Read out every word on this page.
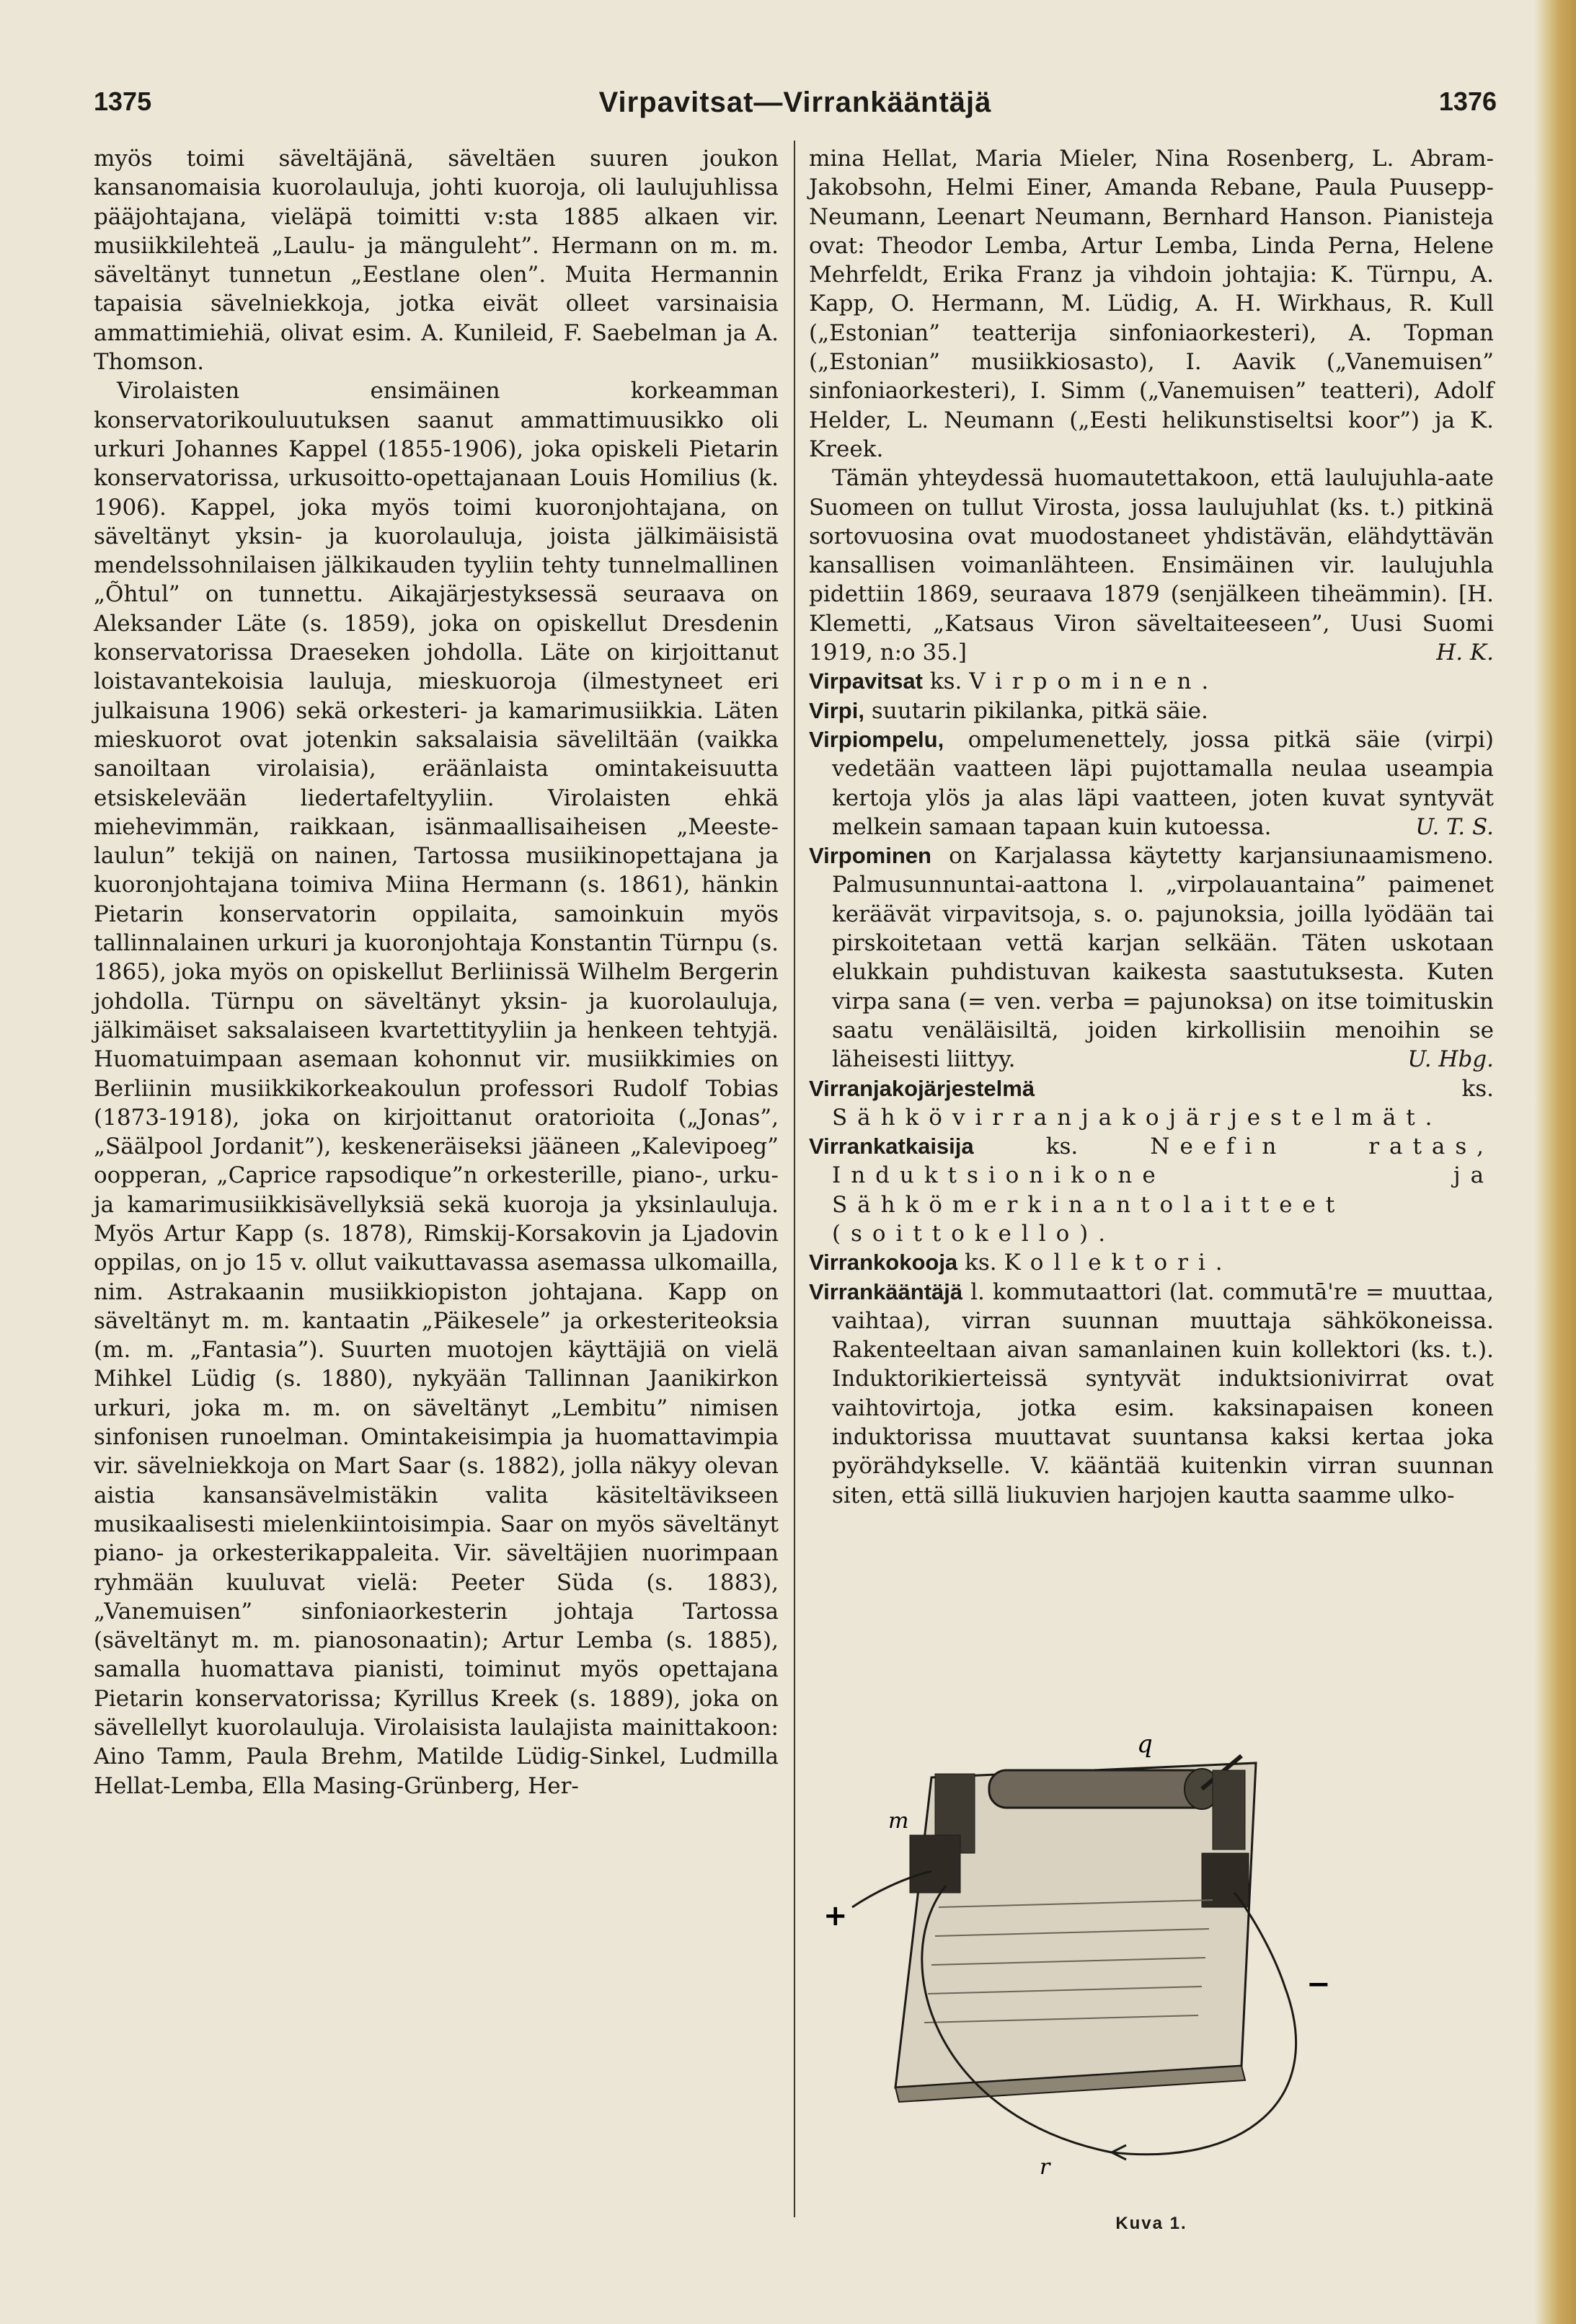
1375	Virpavitsat—Virrankääntäjä	1376

myös toimi säveltäjänä, säveltäen suuren joukon kansanomaisia kuorolauluja, johti kuoroja, oli laulujuhlissa pääjohtajana, vieläpä toimitti v:sta 1885 alkaen vir. musiikkilehteä „Laulu- ja mänguleht”. Hermann on m. m. säveltänyt tunnetun „Eestlane olen”. Muita Hermannin tapaisia sävelniekkoja, jotka eivät olleet varsinaisia ammattimiehiä, olivat esim. A. Kunileid, F. Saebelman ja A. Thomson.

Virolaisten ensimäinen korkeamman konservatorikouluutuksen saanut ammattimuusikko oli urkuri Johannes Kappel (1855-1906), joka opiskeli Pietarin konservatorissa, urkusoitto-opettajanaan Louis Homilius (k. 1906). Kappel, joka myös toimi kuoronjohtajana, on säveltänyt yksin- ja kuorolauluja, joista jälkimäisistä mendelssohnilaisen jälkikauden tyyliin tehty tunnelmallinen „Õhtul” on tunnettu. Aikajärjestyksessä seuraava on Aleksander Läte (s. 1859), joka on opiskellut Dresdenin konservatorissa Draeseken johdolla. Läte on kirjoittanut loistavantekoisia lauluja, mieskuoroja (ilmestyneet eri julkaisuna 1906) sekä orkesteri- ja kamarimusiikkia. Läten mieskuorot ovat jotenkin saksalaisia säveliltään (vaikka sanoiltaan virolaisia), eräänlaista omintakeisuutta etsiskelevään liedertafeltyyliin. Virolaisten ehkä miehevimmän, raikkaan, isänmaallisaiheisen „Meeste-laulun” tekijä on nainen, Tartossa musiikinopettajana ja kuoronjohtajana toimiva Miina Hermann (s. 1861), hänkin Pietarin konservatorin oppilaita, samoinkuin myös tallinnalainen urkuri ja kuoronjohtaja Konstantin Türnpu (s. 1865), joka myös on opiskellut Berliinissä Wilhelm Bergerin johdolla. Türnpu on säveltänyt yksin- ja kuorolauluja, jälkimäiset saksalaiseen kvartettityyliin ja henkeen tehtyjä. Huomatuimpaan asemaan kohonnut vir. musiikkimies on Berliinin musiikkikorkeakoulun professori Rudolf Tobias (1873-1918), joka on kirjoittanut oratorioita („Jonas”, „Säälpool Jordanit”), keskeneräiseksi jääneen „Kalevipoeg” oopperan, „Caprice rapsodique”n orkesterille, piano-, urku- ja kamarimusiikkisävellyksiä sekä kuoroja ja yksinlauluja. Myös Artur Kapp (s. 1878), Rimskij-Korsakovin ja Ljadovin oppilas, on jo 15 v. ollut vaikuttavassa asemassa ulkomailla, nim. Astrakaanin musiikkiopiston johtajana. Kapp on säveltänyt m. m. kantaatin „Päikesele” ja orkesteriteoksia (m. m. „Fantasia”). Suurten muotojen käyttäjiä on vielä Mihkel Lüdig (s. 1880), nykyään Tallinnan Jaanikirkon urkuri, joka m. m. on säveltänyt „Lembitu” nimisen sinfonisen runoelman. Omintakeisimpia ja huomattavimpia vir. sävelniekkoja on Mart Saar (s. 1882), jolla näkyy olevan aistia kansansävelmistäkin valita käsiteltävikseen musikaalisesti mielenkiintoisimpia. Saar on myös säveltänyt piano- ja orkesterikappaleita. Vir. säveltäjien nuorimpaan ryhmään kuuluvat vielä: Peeter Süda (s. 1883), „Vanemuisen” sinfoniaorkesterin johtaja Tartossa (säveltänyt m. m. pianosonaatin); Artur Lemba (s. 1885), samalla huomattava pianisti, toiminut myös opettajana Pietarin konservatorissa; Kyrillus Kreek (s. 1889), joka on sävellellyt kuorolauluja. Virolaisista laulajista mainittakoon: Aino Tamm, Paula Brehm, Matilde Lüdig-Sinkel, Ludmilla Hellat-Lemba, Ella Masing-Grünberg, Her-

mina Hellat, Maria Mieler, Nina Rosenberg, L. Abram-Jakobsohn, Helmi Einer, Amanda Rebane, Paula Puusepp-Neumann, Leenart Neumann, Bernhard Hanson. Pianisteja ovat: Theodor Lemba, Artur Lemba, Linda Perna, Helene Mehrfeldt, Erika Franz ja vihdoin johtajia: K. Türnpu, A. Kapp, O. Hermann, M. Lüdig, A. H. Wirkhaus, R. Kull („Estonian” teatterija sinfoniaorkesteri), A. Topman („Estonian” musiikkiosasto), I. Aavik („Vanemuisen” sinfoniaorkesteri), I. Simm („Vanemuisen” teatteri), Adolf Helder, L. Neumann („Eesti helikunstiseltsi koor”) ja K. Kreek.

Tämän yhteydessä huomautettakoon, että laulujuhla-aate Suomeen on tullut Virosta, jossa laulujuhlat (ks. t.) pitkinä sortovuosina ovat muodostaneet yhdistävän, elähdyttävän kansallisen voimanlähteen. Ensimäinen vir. laulujuhla pidettiin 1869, seuraava 1879 (senjälkeen tiheämmin). [H. Klemetti, „Katsaus Viron säveltaiteeseen”, Uusi Suomi 1919, n:o 35.]	H. K.

Virpavitsat ks. Virpominen.

Virpi, suutarin pikilanka, pitkä säie.

Virpiompelu, ompelumenettely, jossa pitkä säie (virpi) vedetään vaatteen läpi pujottamalla neulaa useampia kertoja ylös ja alas läpi vaatteen, joten kuvat syntyvät melkein samaan tapaan kuin kutoessa.	U. T. S.

Virpominen on Karjalassa käytetty karjansiunaamismeno. Palmusunnuntai-aattona l. „virpolauantaina” paimenet keräävät virpavitsoja, s. o. pajunoksia, joilla lyödään tai pirskoitetaan vettä karjan selkään. Täten uskotaan elukkain puhdistuvan kaikesta saastutuksesta. Kuten virpa sana (= ven. verba = pajunoksa) on itse toimituskin saatu venäläisiltä, joiden kirkollisiin menoihin se läheisesti liittyy.	U. Hbg.

Virranjakojärjestelmä	ks. Sähkövirranjakojärjestelmät.

Virrankatkaisija	ks. Neefin ratas, Induktsionikone ja Sähkömerkinantolaitteet (soittokello).

Virrankokooja ks. Kollektori.

Virrankääntäjä l. kommutaattori (lat. commutā're = muuttaa, vaihtaa), virran suunnan muuttaja sähkökoneissa. Rakenteeltaan aivan samanlainen kuin kollektori (ks. t.). Induktorikierteissä syntyvät induktsionivirrat ovat vaihtovirtoja, jotka esim. kaksinapaisen koneen induktorissa muuttavat suuntansa kaksi kertaa joka pyörähdykselle. V. kääntää kuitenkin virran suunnan siten, että sillä liukuvien harjojen kautta saamme ulko-

q
m
+
−
r
Kuva 1.
